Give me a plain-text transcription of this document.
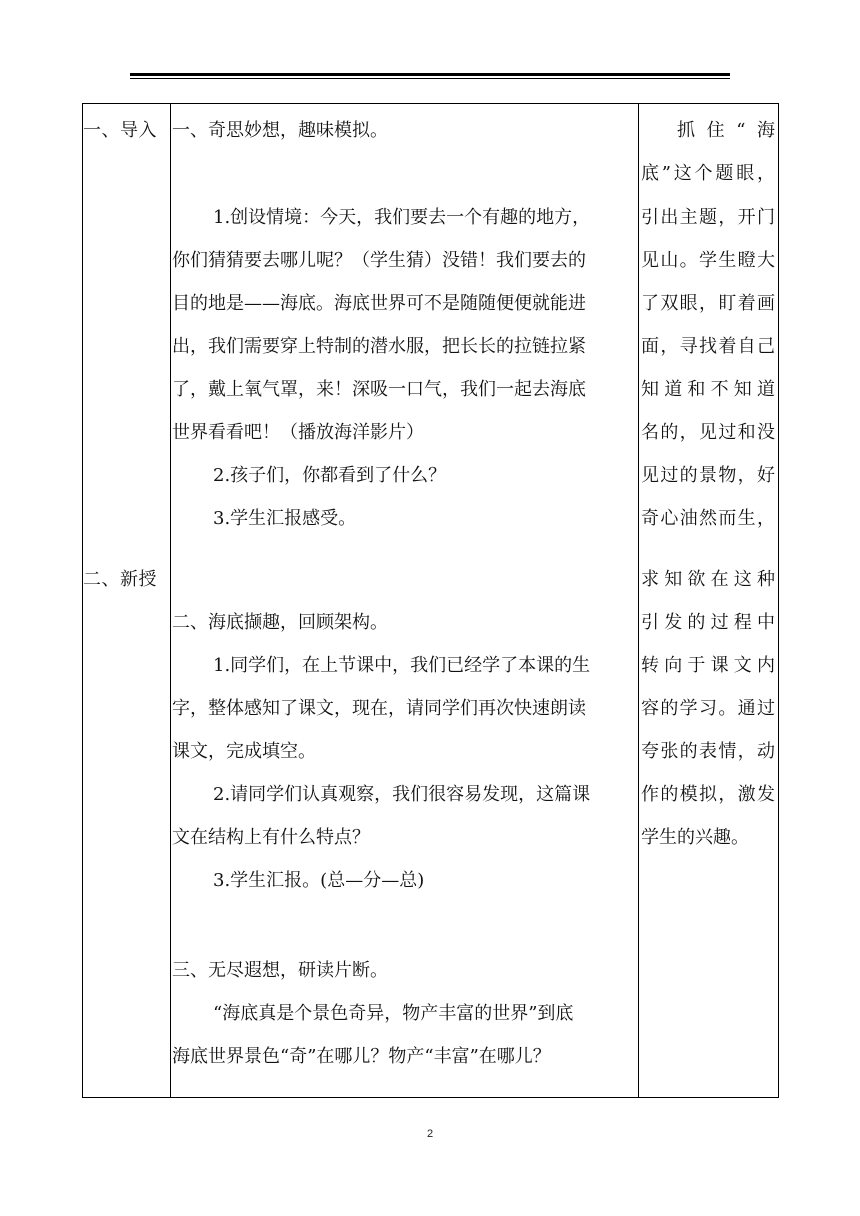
一、导入
二、新授
一、奇思妙想，趣味模拟。
1.创设情境：今天，我们要去一个有趣的地方，
你们猜猜要去哪儿呢？（学生猜）没错！我们要去的
目的地是——海底。海底世界可不是随随便便就能进
出，我们需要穿上特制的潜水服，把长长的拉链拉紧
了，戴上氧气罩，来！深吸一口气，我们一起去海底
世界看看吧！（播放海洋影片）
2.孩子们，你都看到了什么？
3.学生汇报感受。
二、海底撷趣，回顾架构。
1.同学们，在上节课中，我们已经学了本课的生
字，整体感知了课文，现在，请同学们再次快速朗读
课文，完成填空。
2.请同学们认真观察，我们很容易发现，这篇课
文在结构上有什么特点？
3.学生汇报。(总—分—总)
三、无尽遐想，研读片断。
“海底真是个景色奇异，物产丰富的世界”到底
海底世界景色“奇”在哪儿？物产“丰富”在哪儿？
抓住“海
底”这个题眼，
引出主题，开门
见山。学生瞪大
了双眼，盯着画
面，寻找着自己
知道和不知道
名的，见过和没
见过的景物，好
奇心油然而生，
求知欲在这种
引发的过程中
转向于课文内
容的学习。通过
夸张的表情，动
作的模拟，激发
学生的兴趣。
2
